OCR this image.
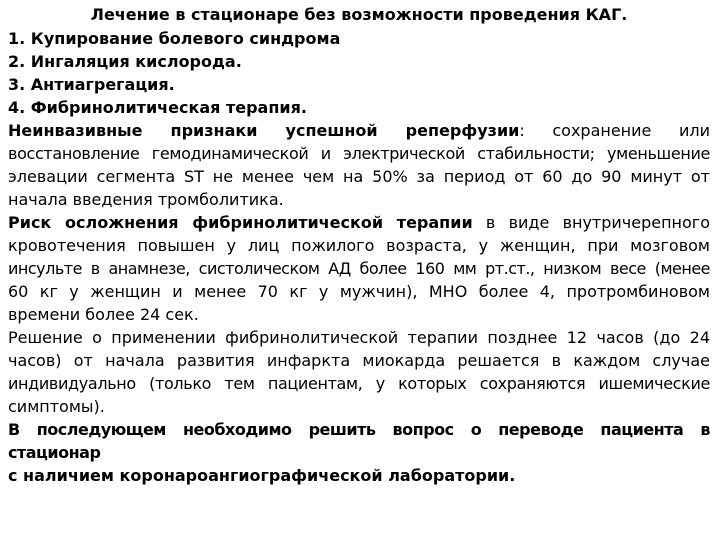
Лечение в стационаре без возможности проведения КАГ.

1. Купирование болевого синдрома

2. Ингаляция кислорода.

3. Антиагрегация.

4. Фибринолитическая терапия.

Неинвазивные признаки успешной реперфузии: сохранение или

восстановление гемодинамической и электрической стабильности; уменьшение

элевации сегмента ST не менее чем на 50% за период от 60 до 90 минут от

начала введения тромболитика.

Риск осложнения фибринолитической терапии в виде внутричерепного

кровотечения повышен у лиц пожилого возраста, у женщин, при мозговом

инсульте в анамнезе, систолическом АД более 160 мм рт.ст., низком весе (менее

60 кг у женщин и менее 70 кг у мужчин), МНО более 4, протромбиновом

времени более 24 сек.

Решение о применении фибринолитической терапии позднее 12 часов (до 24

часов) от начала развития инфаркта миокарда решается в каждом случае

индивидуально (только тем пациентам, у которых сохраняются ишемические

симптомы).

В последующем необходимо решить вопрос о переводе пациента в стационар

с наличием коронароангиографической лаборатории.
